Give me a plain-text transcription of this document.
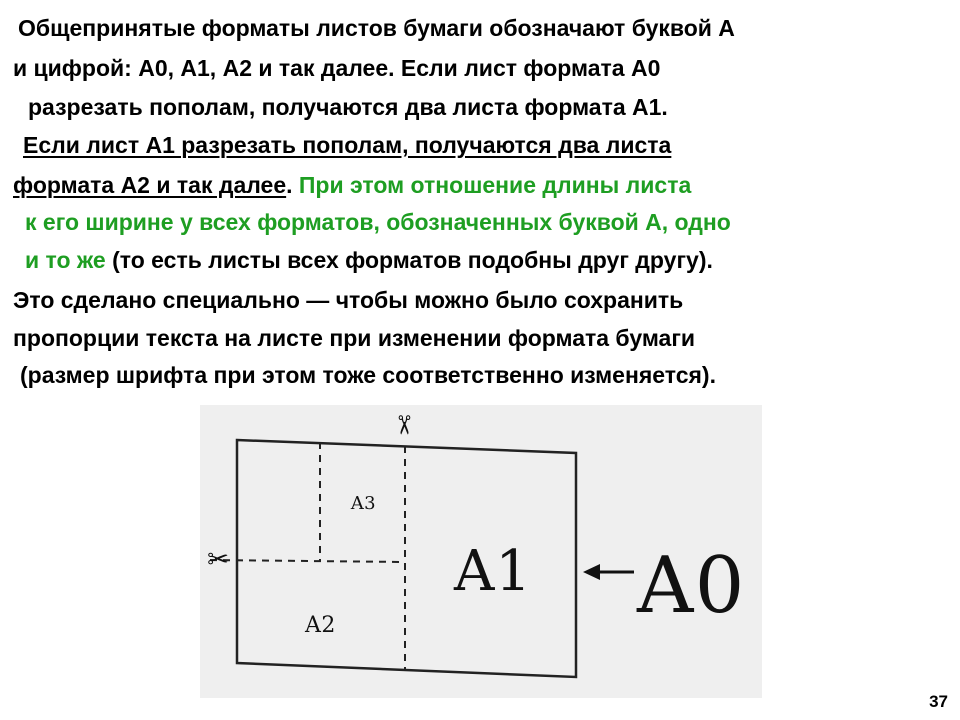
Общепринятые форматы листов бумаги обозначают буквой А
и цифрой: А0, А1, А2 и так далее. Если лист формата А0
разрезать пополам, получаются два листа формата А1.
Если лист А1 разрезать пополам, получаются два листа
формата А2 и так далее. При этом отношение длины листа
к его ширине у всех форматов, обозначенных буквой А, одно
и то же (то есть листы всех форматов подобны друг другу).
Это сделано специально — чтобы можно было сохранить
пропорции текста на листе при изменении формата бумаги
(размер шрифта при этом тоже соответственно изменяется).
✂
✂
А3
А2
А1 А0
37
